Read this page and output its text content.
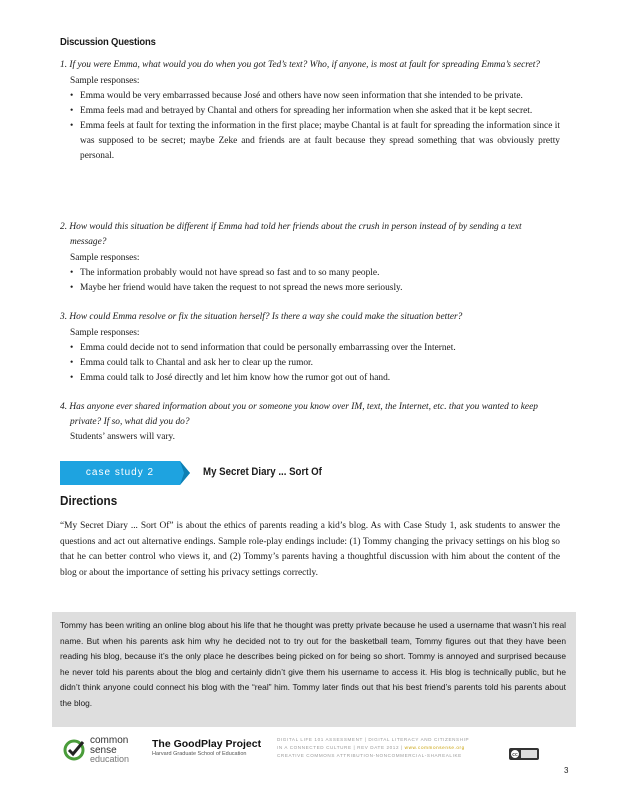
Discussion Questions
1. If you were Emma, what would you do when you got Ted’s text? Who, if anyone, is most at fault for spreading Emma’s secret?
Sample responses:
• Emma would be very embarrassed because José and others have now seen information that she intended to be private.
• Emma feels mad and betrayed by Chantal and others for spreading her information when she asked that it be kept secret.
• Emma feels at fault for texting the information in the first place; maybe Chantal is at fault for spreading the information since it was supposed to be secret; maybe Zeke and friends are at fault because they spread something that was obviously pretty personal.
2. How would this situation be different if Emma had told her friends about the crush in person instead of by sending a text message?
Sample responses:
• The information probably would not have spread so fast and to so many people.
• Maybe her friend would have taken the request to not spread the news more seriously.
3. How could Emma resolve or fix the situation herself? Is there a way she could make the situation better?
Sample responses:
• Emma could decide not to send information that could be personally embarrassing over the Internet.
• Emma could talk to Chantal and ask her to clear up the rumor.
• Emma could talk to José directly and let him know how the rumor got out of hand.
4. Has anyone ever shared information about you or someone you know over IM, text, the Internet, etc. that you wanted to keep private? If so, what did you do?
Students’ answers will vary.
case study 2	My Secret Diary ... Sort Of
Directions
“My Secret Diary ... Sort Of” is about the ethics of parents reading a kid’s blog. As with Case Study 1, ask students to answer the questions and act out alternative endings. Sample role-play endings include: (1) Tommy changing the privacy settings on his blog so that he can better control who views it, and (2) Tommy’s parents having a thoughtful discussion with him about the content of the blog or about the importance of setting his privacy settings correctly.
Tommy has been writing an online blog about his life that he thought was pretty private because he used a username that wasn’t his real name. But when his parents ask him why he decided not to try out for the basketball team, Tommy figures out that they have been reading his blog, because it’s the only place he describes being picked on for being so short. Tommy is annoyed and surprised because he never told his parents about the blog and certainly didn’t give them his username to access it. His blog is technically public, but he didn’t think anyone could connect his blog with the “real” him. Tommy later finds out that his best friend’s parents told his parents about the blog.
common
sense
education
The GoodPlay Project
Harvard Graduate School of Education
DIGITAL LIFE 101 ASSESSMENT | DIGITAL LITERACY AND CITIZENSHIP
IN A CONNECTED CULTURE | REV DATE 2012 | www.commonsense.org
CREATIVE COMMONS ATTRIBUTION-NONCOMMERCIAL-SHAREALIKE	cc
3
